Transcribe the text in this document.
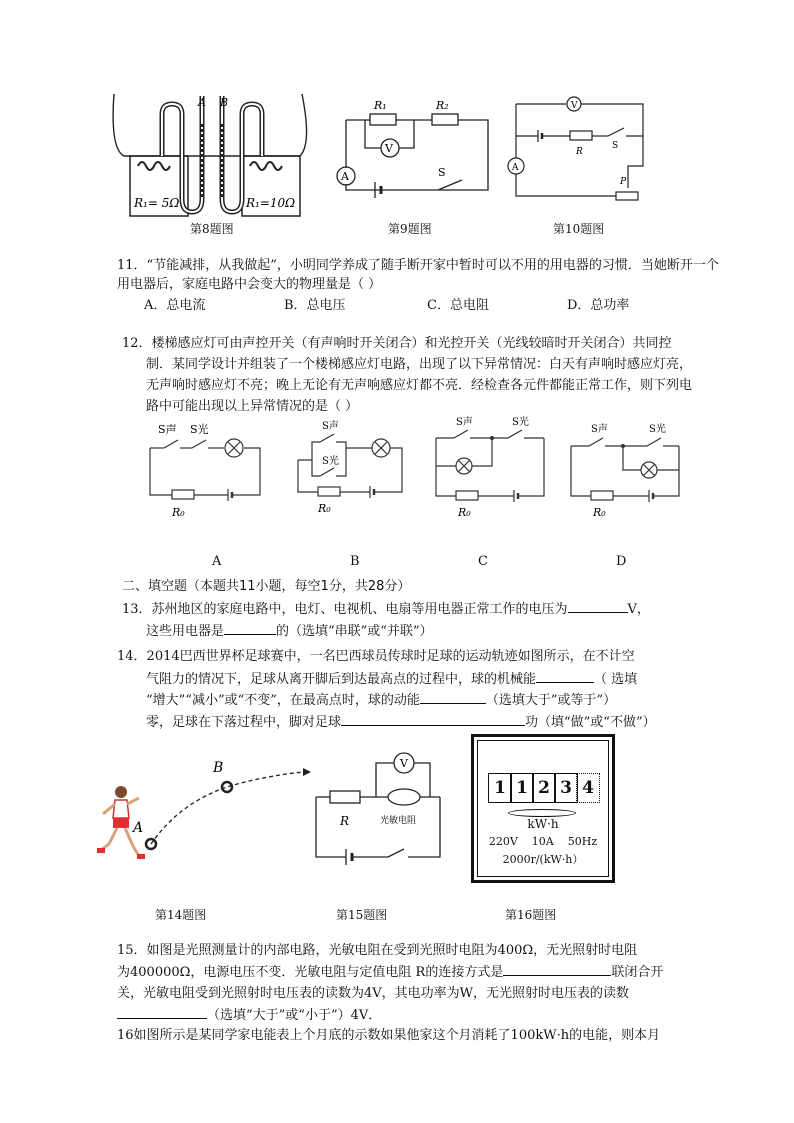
A B
R₁= 5Ω	R₁=10Ω
第8题图
R₁	R₂
V
A	S
第9题图
V
A
R
S
P
第10题图
11．“节能减排，从我做起”，小明同学养成了随手断开家中暂时可以不用的用电器的习惯．当她断开一个
用电器后，家庭电路中会变大的物理量是（ ）
A．总电流	B．总电压	C．总电阻	D．总功率
12．楼梯感应灯可由声控开关（有声响时开关闭合）和光控开关（光线较暗时开关闭合）共同控
制．某同学设计并组装了一个楼梯感应灯电路，出现了以下异常情况：白天有声响时感应灯亮，
无声响时感应灯不亮；晚上无论有无声响感应灯都不亮．经检查各元件都能正常工作，则下列电
路中可能出现以上异常情况的是（ ）
S声 S光
R₀
A
S声
S光
R₀
B
S声	S光
R₀
C
S声	S光
R₀
D
二、填空题（本题共11小题，每空1分，共28分）
13．苏州地区的家庭电路中，电灯、电视机、电扇等用电器正常工作的电压为	V，
这些用电器是	的（选填“串联”或“并联”）
14．2014巴西世界杯足球赛中，一名巴西球员传球时足球的运动轨迹如图所示，在不计空
气阻力的情况下，足球从离开脚后到达最高点的过程中，球的机械能	（ 选填
“增大”“减小”或“不变”，在最高点时，球的动能	（选填大于”或等于”）
零，足球在下落过程中，脚对足球	功（填“做”或“不做”）
A
B
第14题图
V
R	光敏电阻
第15题图
1 1 2 3 4
kW·h
220V    10A    50Hz
2000r/(kW·h）
第16题图
15．如图是光照测量计的内部电路，光敏电阻在受到光照时电阻为400Ω，无光照射时电阻
为400000Ω，电源电压不变．光敏电阻与定值电阻 R的连接方式是	联闭合开
关，光敏电阻受到光照射时电压表的读数为4V，其电功率为W，无光照射时电压表的读数
（选填“大于”或“小于”）4V．
16如图所示是某同学家电能表上个月底的示数如果他家这个月消耗了100kW·h的电能，则本月
